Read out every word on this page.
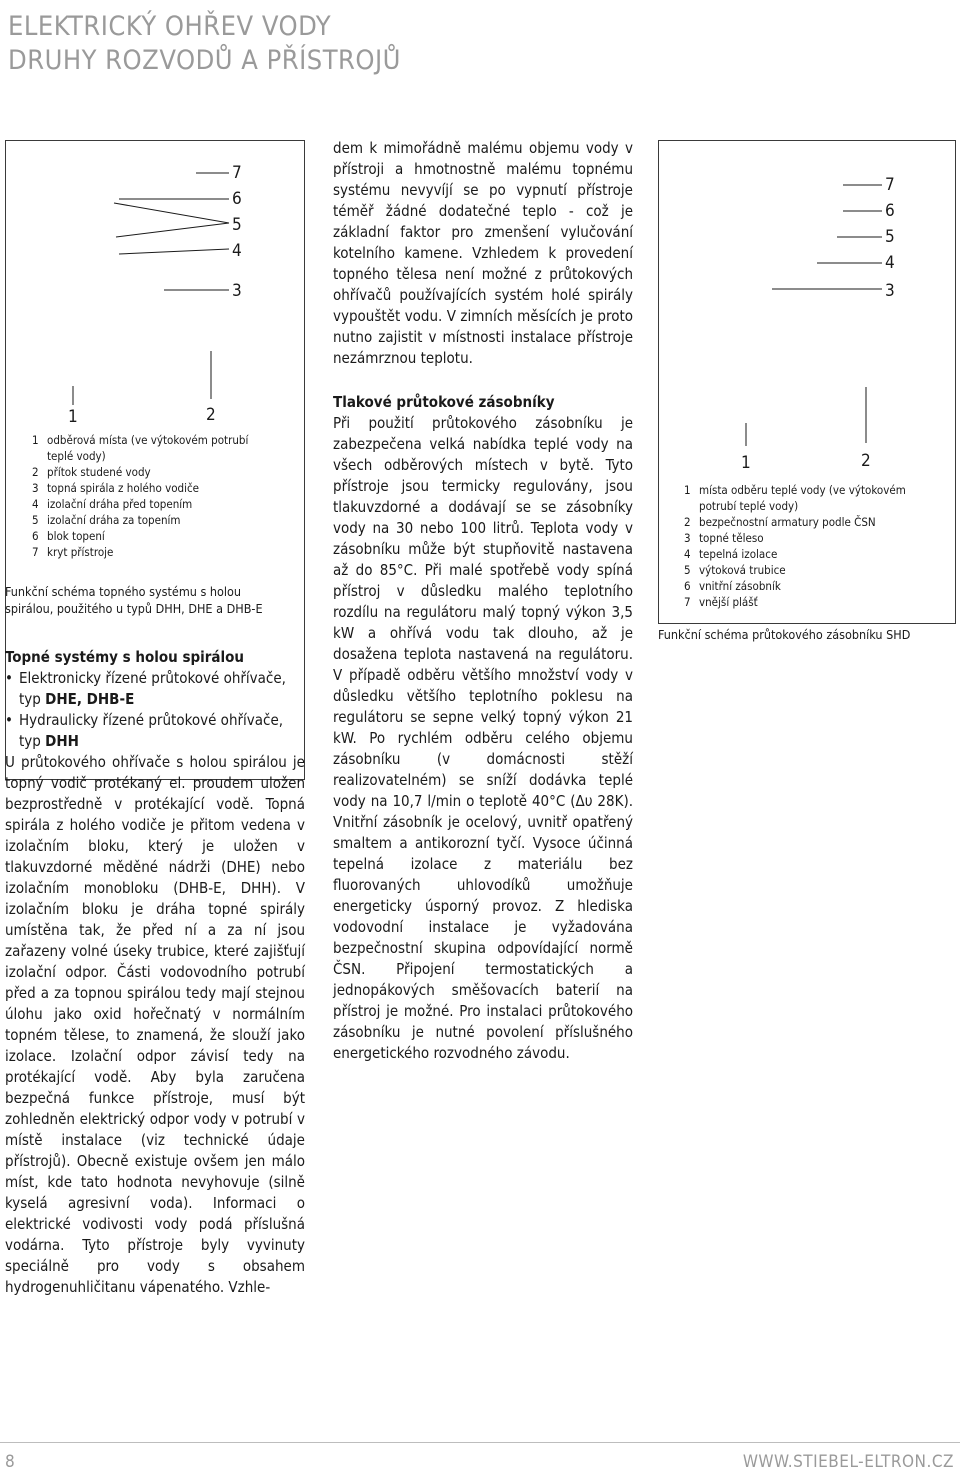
ELEKTRICKÝ OHŘEV VODY
DRUHY ROZVODŮ A PŘÍSTROJŮ
7
6
5
4
3
1	2
1 odběrová místa (ve výtokovém potrubí teplé vody)
2 přítok studené vody
3 topná spirála z holého vodiče
4 izolační dráha před topením
5 izolační dráha za topením
6 blok topení
7 kryt přístroje
Funkční schéma topného systému s holou spirálou, použitého u typů DHH, DHE a DHB-E
Topné systémy s holou spirálou
• Elektronicky řízené průtokové ohřívače, typ DHE, DHB-E
• Hydraulicky řízené průtokové ohřívače, typ DHH

U průtokového ohřívače s holou spirálou je topný vodič protékaný el. proudem uložen bezprostředně v protékající vodě. Topná spirála z holého vodiče je přitom vedena v izolačním bloku, který je uložen v tlakuvzdorné měděné nádrži (DHE) nebo izolačním monobloku (DHB-E, DHH). V izolačním bloku je dráha topné spirály umístěna tak, že před ní a za ní jsou zařazeny volné úseky trubice, které zajišťují izolační odpor. Části vodovodního potrubí před a za topnou spirálou tedy mají stejnou úlohu jako oxid hořečnatý v normálním topném tělese, to znamená, že slouží jako izolace. Izolační odpor závisí tedy na protékající vodě. Aby byla zaručena bezpečná funkce přístroje, musí být zohledněn elektrický odpor vody v potrubí v místě instalace (viz technické údaje přístrojů). Obecně existuje ovšem jen málo míst, kde tato hodnota nevyhovuje (silně kyselá agresivní voda). Informaci o elektrické vodivosti vody podá příslušná vodárna. Tyto přístroje byly vyvinuty speciálně pro vody s obsahem hydrogenuhličitanu vápenatého. Vzhle-

dem k mimořádně malému objemu vody v přístroji a hmotnostně malému topnému systému nevyvíjí se po vypnutí přístroje téměř žádné dodatečné teplo - což je základní faktor pro zmenšení vylučování kotelního kamene. Vzhledem k provedení topného tělesa není možné z průtokových ohřívačů používajících systém holé spirály vypouštět vodu. V zimních měsících je proto nutno zajistit v místnosti instalace přístroje nezámrznou teplotu.

Tlakové průtokové zásobníky

Při použití průtokového zásobníku je zabezpečena velká nabídka teplé vody na všech odběrových místech v bytě. Tyto přístroje jsou termicky regulovány, jsou tlakuvzdorné a dodávají se se zásobníky vody na 30 nebo 100 litrů. Teplota vody v zásobníku může být stupňovitě nastavena až do 85°C. Při malé spotřebě vody spíná přístroj v důsledku malého teplotního rozdílu na regulátoru malý topný výkon 3,5 kW a ohřívá vodu tak dlouho, až je dosažena teplota nastavená na regulátoru. V případě odběru většího množství vody v důsledku většího teplotního poklesu na regulátoru se sepne velký topný výkon 21 kW. Po rychlém odběru celého objemu zásobníku (v domácnosti stěží realizovatelném) se sníží dodávka teplé vody na 10,7 l/min o teplotě 40°C (Δυ 28K). Vnitřní zásobník je ocelový, uvnitř opatřený smaltem a antikorozní tyčí. Vysoce účinná tepelná izolace z materiálu bez fluorovaných uhlovodíků umožňuje energeticky úsporný provoz. Z hlediska vodovodní instalace je vyžadována bezpečnostní skupina odpovídající normě ČSN. Připojení termostatických a jednopákových směšovacích baterií na přístroj je možné. Pro instalaci průtokového zásobníku je nutné povolení příslušného energetického rozvodného závodu.

7
6
5
4
3
1	2
1 místa odběru teplé vody (ve výtokovém potrubí teplé vody)
2 bezpečnostní armatury podle ČSN
3 topné těleso
4 tepelná izolace
5 výtoková trubice
6 vnitřní zásobník
7 vnější plášť
Funkční schéma průtokového zásobníku SHD
8	WWW.STIEBEL-ELTRON.CZ
